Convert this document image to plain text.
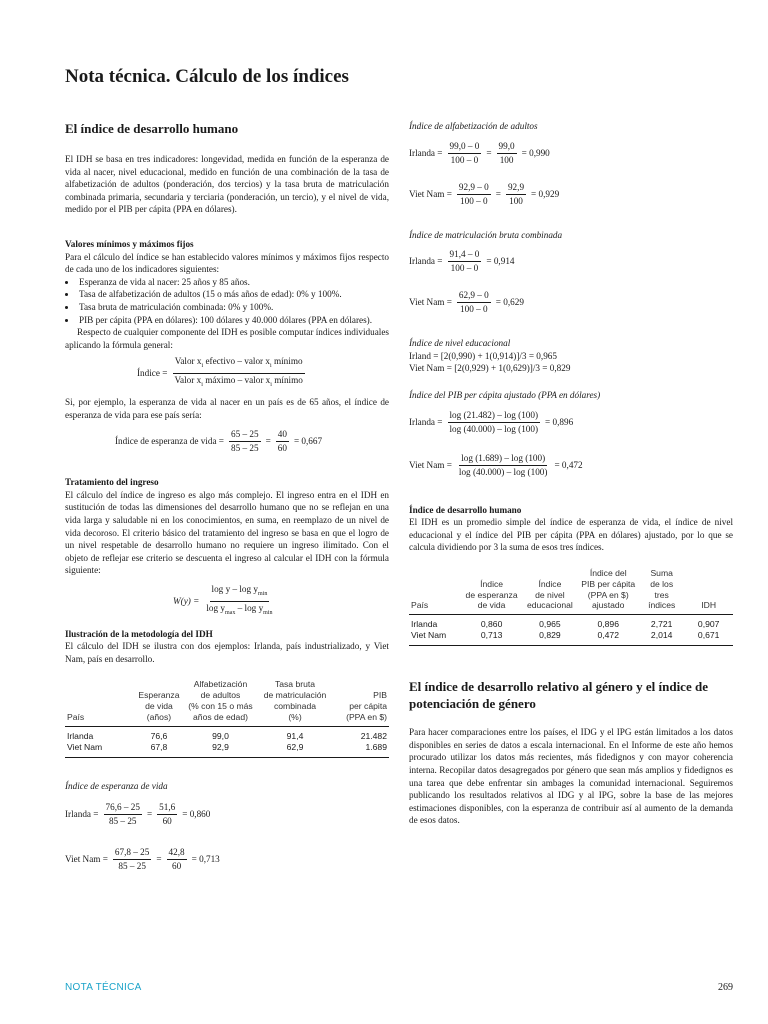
Nota técnica. Cálculo de los índices
El índice de desarrollo humano

El IDH se basa en tres indicadores: longevidad, medida en función de la esperanza de vida al nacer, nivel educacional, medido en función de una combinación de la tasa de alfabetización de adultos (ponderación, dos tercios) y la tasa bruta de matriculación combinada primaria, secundaria y terciaria (ponderación, un tercio), y el nivel de vida, medido por el PIB per cápita (PPA en dólares).

Valores mínimos y máximos fijos

Para el cálculo del índice se han establecido valores mínimos y máximos fijos respecto de cada uno de los indicadores siguientes:

• Esperanza de vida al nacer: 25 años y 85 años.
• Tasa de alfabetización de adultos (15 o más años de edad): 0% y 100%.
• Tasa bruta de matriculación combinada: 0% y 100%.
• PIB per cápita (PPA en dólares): 100 dólares y 40.000 dólares (PPA en dólares).

Respecto de cualquier componente del IDH es posible computar índices individuales aplicando la fórmula general:

Índice = $\frac{Valor x_i efectivo - valor x_i mínimo}{Valor x_i máximo - valor x_i mínimo}$

Si, por ejemplo, la esperanza de vida al nacer en un país es de 65 años, el índice de esperanza de vida para ese país sería:

Índice de esperanza de vida = $\frac{65 - 25}{85 - 25} = \frac{40}{60} = 0,667$

Tratamiento del ingreso

El cálculo del índice de ingreso es algo más complejo. El ingreso entra en el IDH en sustitución de todas las dimensiones del desarrollo humano que no se reflejan en una vida larga y saludable ni en los conocimientos, en suma, en reemplazo de un nivel de vida decoroso. El criterio básico del tratamiento del ingreso se basa en que el logro de un nivel respetable de desarrollo humano no requiere un ingreso ilimitado. Con el objeto de reflejar ese criterio se descuenta el ingreso al calcular el IDH con la fórmula siguiente:

$W(y) = \frac{\log y - \log y_{min}}{\log y_{max} - \log y_{min}}$

Ilustración de la metodología del IDH

El cálculo del IDH se ilustra con dos ejemplos: Irlanda, país industrializado, y Viet Nam, país en desarrollo.

País	Esperanza
de vida
(años)	Alfabetización
de adultos
(% con 15 o más
años de edad)	Tasa bruta
de matriculación
combinada
(%)	PIB
per cápita
(PPA en $)
Irlanda	76,6	99,0	91,4	21.482
Viet Nam	67,8	92,9	62,9	1.689

Índice de esperanza de vida

Irlanda = $\frac{76,6 - 25}{85 - 25} = \frac{51,6}{60} = 0,860$
Viet Nam = $\frac{67,8 - 25}{85 - 25} = \frac{42,8}{60} = 0,713$

Índice de alfabetización de adultos

Irlanda = $\frac{99,0 - 0}{100 - 0} = \frac{99,0}{100} = 0,990$
Viet Nam = $\frac{92,9 - 0}{100 - 0} = \frac{92,9}{100} = 0,929$

Índice de matriculación bruta combinada

Irlanda = $\frac{91,4 - 0}{100 - 0} = 0,914$
Viet Nam = $\frac{62,9 - 0}{100 - 0} = 0,629$

Índice de nivel educacional

Irland = [2(0,990) + 1(0,914)]/3 = 0,965

Viet Nam = [2(0,929) + 1(0,629)]/3 = 0,829

Índice del PIB per cápita ajustado (PPA en dólares)

Irlanda = $\frac{\log (21.482) - \log (100)}{\log (40.000) - \log (100)} = 0,896$
Viet Nam = $\frac{\log (1.689) - \log (100)}{\log (40.000) - \log (100)} = 0,472$

Índice de desarrollo humano

El IDH es un promedio simple del índice de esperanza de vida, el índice de nivel educacional y el índice del PIB per cápita (PPA en dólares) ajustado, por lo que se calcula dividiendo por 3 la suma de esos tres índices.

País	Índice
de esperanza
de vida	Índice
de nivel
educacional	Índice del
PIB per cápita
(PPA en $)
ajustado	Suma
de los
tres
índices	IDH
Irlanda	0,860	0,965	0,896	2,721	0,907
Viet Nam	0,713	0,829	0,472	2,014	0,671
El índice de desarrollo relativo al género y el índice de potenciación de género

Para hacer comparaciones entre los países, el IDG y el IPG están limitados a los datos disponibles en series de datos a escala internacional. En el Informe de este año hemos procurado utilizar los datos más recientes, más fidedignos y con mayor coherencia interna. Recopilar datos desagregados por género que sean más amplios y fidedignos es una tarea que debe enfrentar sin ambages la comunidad internacional. Seguiremos publicando los resultados relativos al IDG y al IPG, sobre la base de las mejores estimaciones disponibles, con la esperanza de contribuir así al aumento de la demanda de esos datos.

NOTA TÉCNICA	269
